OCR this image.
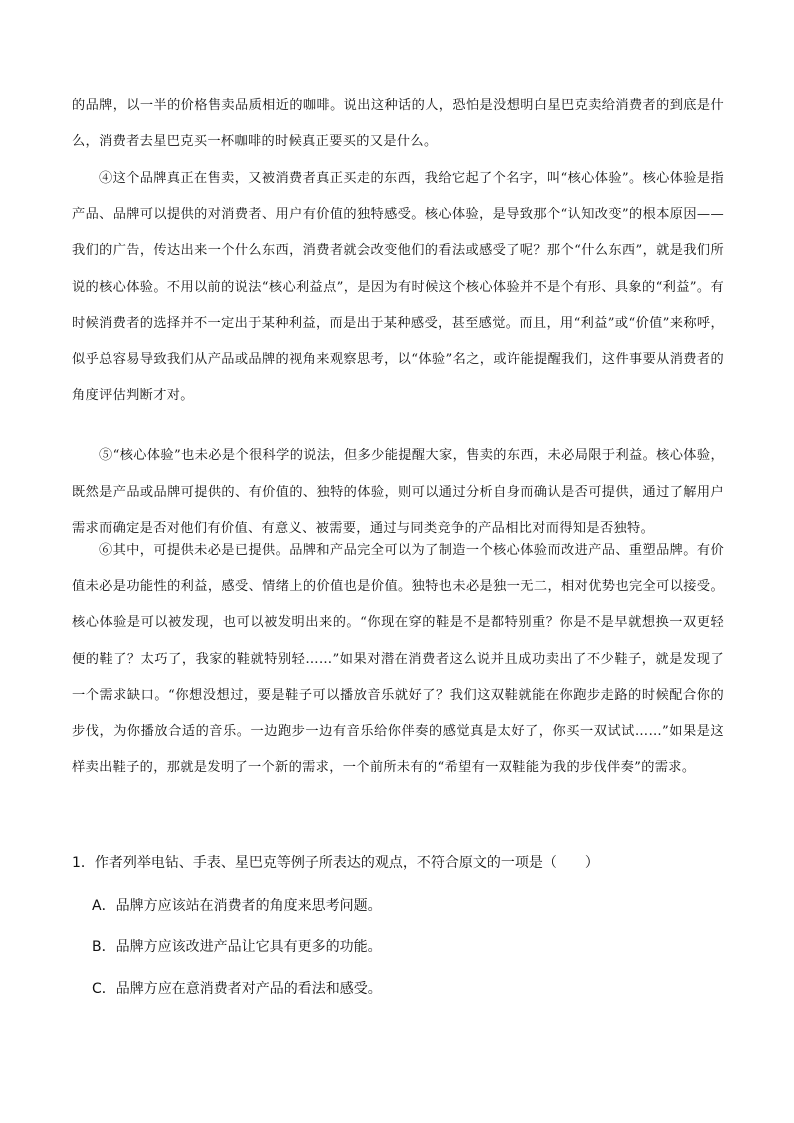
的品牌，以一半的价格售卖品质相近的咖啡。说出这种话的人，恐怕是没想明白星巴克卖给消费者的到底是什么，消费者去星巴克买一杯咖啡的时候真正要买的又是什么。

④这个品牌真正在售卖，又被消费者真正买走的东西，我给它起了个名字，叫“核心体验”。核心体验是指产品、品牌可以提供的对消费者、用户有价值的独特感受。核心体验，是导致那个“认知改变”的根本原因——我们的广告，传达出来一个什么东西，消费者就会改变他们的看法或感受了呢？那个“什么东西”，就是我们所说的核心体验。不用以前的说法“核心利益点”，是因为有时候这个核心体验并不是个有形、具象的“利益”。有时候消费者的选择并不一定出于某种利益，而是出于某种感受，甚至感觉。而且，用“利益”或“价值”来称呼，似乎总容易导致我们从产品或品牌的视角来观察思考，以“体验”名之，或许能提醒我们，这件事要从消费者的角度评估判断才对。

⑤“核心体验”也未必是个很科学的说法，但多少能提醒大家，售卖的东西，未必局限于利益。核心体验，既然是产品或品牌可提供的、有价值的、独特的体验，则可以通过分析自身而确认是否可提供，通过了解用户需求而确定是否对他们有价值、有意义、被需要，通过与同类竞争的产品相比对而得知是否独特。

⑥其中，可提供未必是已提供。品牌和产品完全可以为了制造一个核心体验而改进产品、重塑品牌。有价值未必是功能性的利益，感受、情绪上的价值也是价值。独特也未必是独一无二，相对优势也完全可以接受。核心体验是可以被发现，也可以被发明出来的。“你现在穿的鞋是不是都特别重？你是不是早就想换一双更轻便的鞋了？太巧了，我家的鞋就特别轻……”如果对潜在消费者这么说并且成功卖出了不少鞋子，就是发现了一个需求缺口。“你想没想过，要是鞋子可以播放音乐就好了？我们这双鞋就能在你跑步走路的时候配合你的步伐，为你播放合适的音乐。一边跑步一边有音乐给你伴奏的感觉真是太好了，你买一双试试……”如果是这样卖出鞋子的，那就是发明了一个新的需求，一个前所未有的“希望有一双鞋能为我的步伐伴奏”的需求。

1．作者列举电钻、手表、星巴克等例子所表达的观点，不符合原文的一项是（　　）

A．品牌方应该站在消费者的角度来思考问题。

B．品牌方应该改进产品让它具有更多的功能。

C．品牌方应在意消费者对产品的看法和感受。
